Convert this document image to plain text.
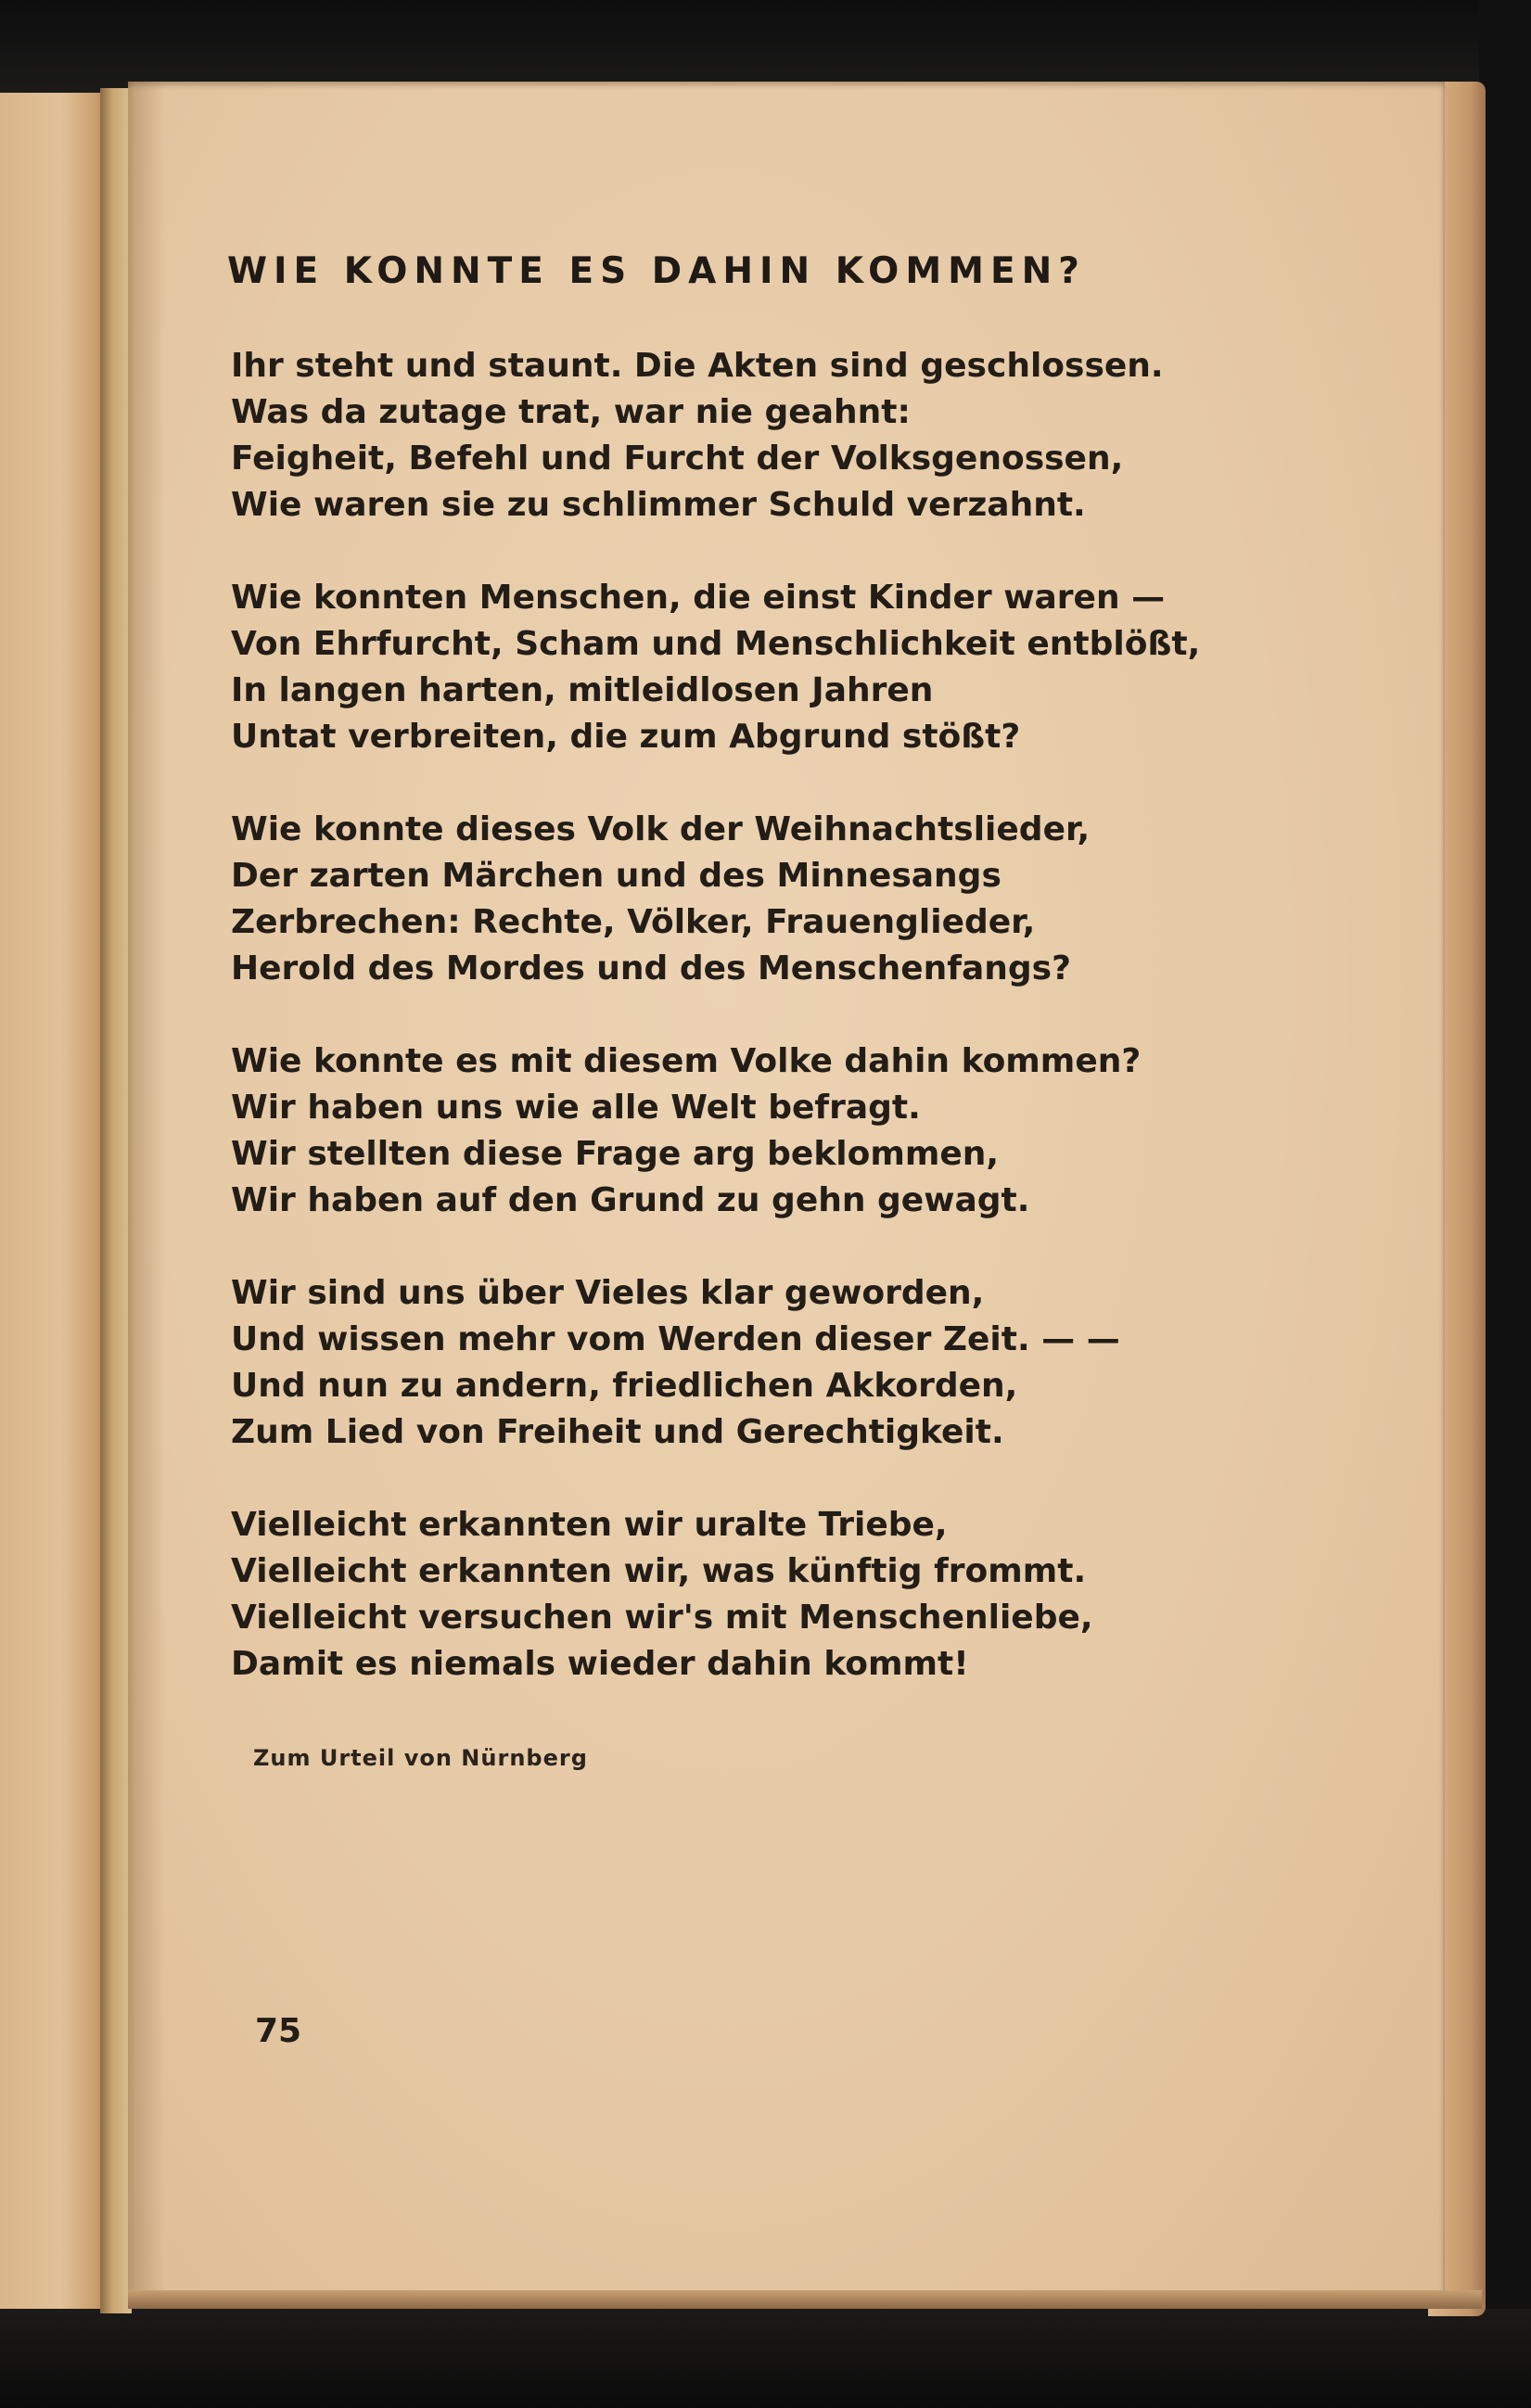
WIE KONNTE ES DAHIN KOMMEN?
Ihr steht und staunt. Die Akten sind geschlossen.
Was da zutage trat, war nie geahnt:
Feigheit, Befehl und Furcht der Volksgenossen,
Wie waren sie zu schlimmer Schuld verzahnt.
Wie konnten Menschen, die einst Kinder waren —
Von Ehrfurcht, Scham und Menschlichkeit entblößt,
In langen harten, mitleidlosen Jahren
Untat verbreiten, die zum Abgrund stößt?
Wie konnte dieses Volk der Weihnachtslieder,
Der zarten Märchen und des Minnesangs
Zerbrechen: Rechte, Völker, Frauenglieder,
Herold des Mordes und des Menschenfangs?
Wie konnte es mit diesem Volke dahin kommen?
Wir haben uns wie alle Welt befragt.
Wir stellten diese Frage arg beklommen,
Wir haben auf den Grund zu gehn gewagt.
Wir sind uns über Vieles klar geworden,
Und wissen mehr vom Werden dieser Zeit. — —
Und nun zu andern, friedlichen Akkorden,
Zum Lied von Freiheit und Gerechtigkeit.
Vielleicht erkannten wir uralte Triebe,
Vielleicht erkannten wir, was künftig frommt.
Vielleicht versuchen wir's mit Menschenliebe,
Damit es niemals wieder dahin kommt!
Zum Urteil von Nürnberg
75
